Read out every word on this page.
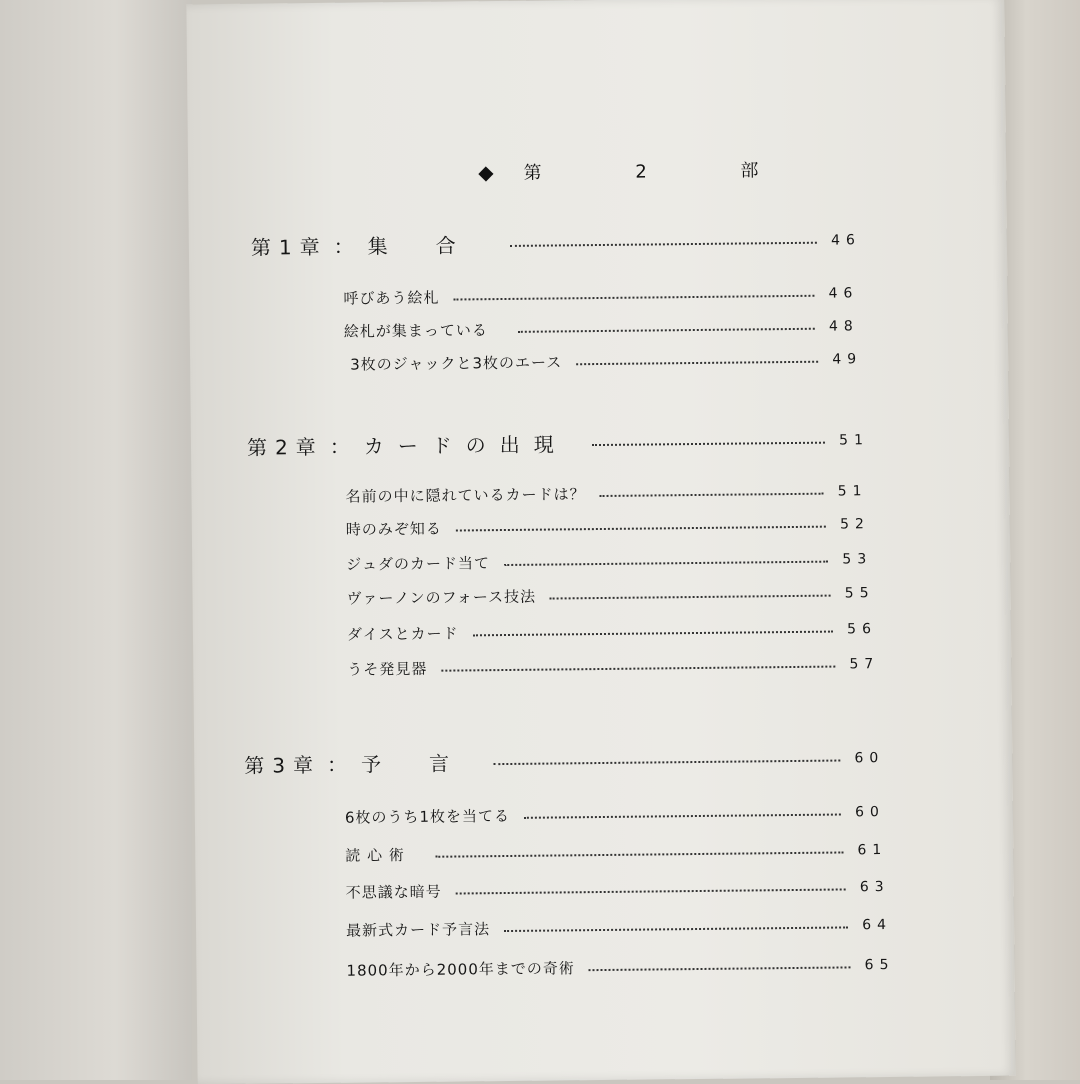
◆ 第 2 部
第1章 ：集　合	46
呼びあう絵札	46
絵札が集まっている	48
3枚のジャックと3枚のエース	49
第2章 ：カードの出現	51
名前の中に隠れているカードは？	51
時のみぞ知る	52
ジュダのカード当て	53
ヴァーノンのフォース技法	55
ダイスとカード	56
うそ発見器	57
第3章 ：予　言	60
6枚のうち1枚を当てる	60
読 心 術	61
不思議な暗号	63
最新式カード予言法	64
1800年から2000年までの奇術	65
